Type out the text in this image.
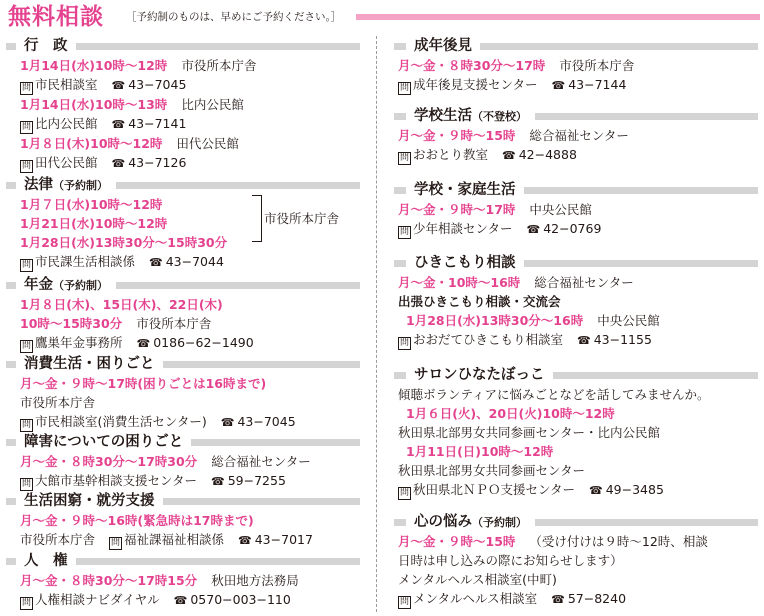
無料相談 ［予約制のものは、早めにご予約ください。］
行　政
1月14日(水)10時〜12時 市役所本庁舎
問 市民相談室 ☎ 43−7045
1月14日(水)10時〜13時 比内公民館
問 比内公民館 ☎ 43−7141
1月８日(木)10時〜12時 田代公民館
問 田代公民館 ☎ 43−7126
法律（予約制）
1月７日(水)10時〜12時
1月21日(水)10時〜12時
1月28日(水)13時30分〜15時30分
市役所本庁舎
問 市民課生活相談係 ☎ 43−7044
年金（予約制）
1月８日(木)、15日(木)、22日(木)
10時〜15時30分 市役所本庁舎
問 鷹巣年金事務所 ☎ 0186−62−1490
消費生活・困りごと
月〜金・９時〜17時(困りごとは16時まで)
市役所本庁舎
問 市民相談室(消費生活センター) ☎ 43−7045
障害についての困りごと
月〜金・８時30分〜17時30分 総合福祉センター
問 大館市基幹相談支援センター ☎ 59−7255
生活困窮・就労支援
月〜金・９時〜16時(緊急時は17時まで)
市役所本庁舎 問 福祉課福祉相談係 ☎ 43−7017
人　権
月〜金・８時30分〜17時15分 秋田地方法務局
問 人権相談ナビダイヤル ☎ 0570−003−110
成年後見
月〜金・８時30分〜17時 市役所本庁舎
問 成年後見支援センター ☎ 43−7144
学校生活（不登校）
月〜金・９時〜15時 総合福祉センター
問 おおとり教室 ☎ 42−4888
学校・家庭生活
月〜金・９時〜17時 中央公民館
問 少年相談センター ☎ 42−0769
ひきこもり相談
月〜金・10時〜16時 総合福祉センター
出張ひきこもり相談・交流会
1月28日(水)13時30分〜16時 中央公民館
問 おおだてひきこもり相談室 ☎ 43−1155
サロンひなたぼっこ
傾聴ボランティアに悩みごとなどを話してみませんか。
1月６日(火)、20日(火)10時〜12時
秋田県北部男女共同参画センター・比内公民館
1月11日(日)10時〜12時
秋田県北部男女共同参画センター
問 秋田県北ＮＰＯ支援センター ☎ 49−3485
心の悩み（予約制）
月〜金・９時〜15時 （受け付けは９時〜12時、相談
日時は申し込みの際にお知らせします）
メンタルヘルス相談室(中町)
問 メンタルヘルス相談室 ☎ 57−8240
